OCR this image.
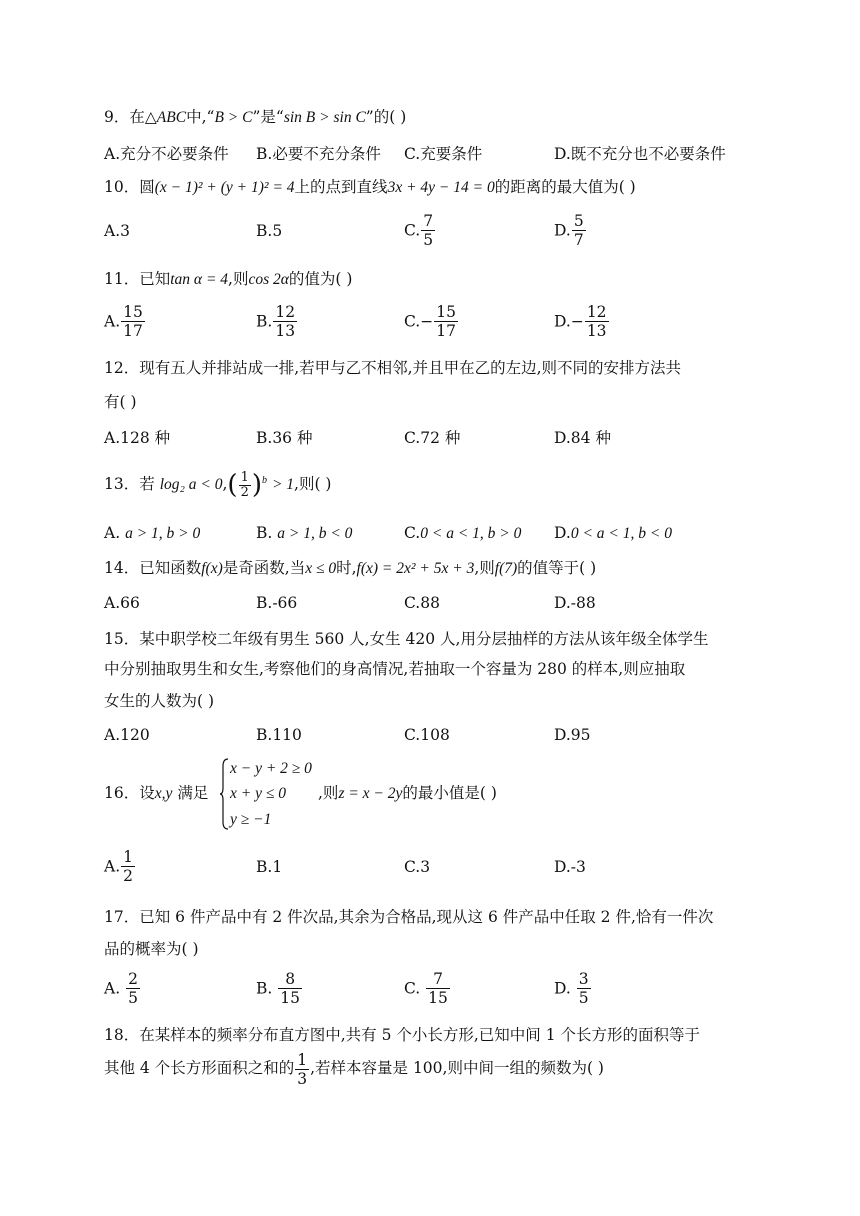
9．在△ABC中,“B > C”是“sin B > sin C”的( )
A.充分不必要条件 B.必要不充分条件 C.充要条件	D.既不充分也不必要条件
10．圆(x − 1)² + (y + 1)² = 4上的点到直线3x + 4y − 14 = 0的距离的最大值为( )
A.3	B.5	C. $\frac{7}{5}$	D. $\frac{5}{7}$
11．已知tan α = 4,则cos 2α的值为( )
A. $\frac{15}{17}$	B. $\frac{12}{13}$	$C.- \frac{15}{17}$	$D.- \frac{12}{13}$
12．现有五人并排站成一排,若甲与乙不相邻,并且甲在乙的左边,则不同的安排方法共
有( )
A.128 种	B.36 种	C.72 种	D.84 种
13．若 log₂ $a < 0,( \frac{1}{2} )^b > 1$,则( )
A. a > 1, b > 0	B. a > 1, b < 0	C.0 < a < 1, b > 0 D.0 < a < 1, b < 0
14．已知函数f(x)是奇函数,当x ≤ 0时,f(x) = 2x² + 5x + 3,则f(7)的值等于( )
A.66	B.-66	C.88	D.-88
15．某中职学校二年级有男生 560 人,女生 420 人,用分层抽样的方法从该年级全体学生
中分别抽取男生和女生,考察他们的身高情况,若抽取一个容量为 280 的样本,则应抽取
女生的人数为( )
A.120	B.110	C.108	D.95
16．设x,y 满足
x − y + 2 ≥ 0
x + y ≤ 0
y ≥ −1
,则z = x − 2y的最小值是( )
A. $\frac{1}{2}$	B.1	C.3	D.-3
17．已知 6 件产品中有 2 件次品,其余为合格品,现从这 6 件产品中任取 2 件,恰有一件次
品的概率为( )
A. $\frac{2}{5}$	B. $\frac{8}{15}$	C. $\frac{7}{15}$	D. $\frac{3}{5}$
18．在某样本的频率分布直方图中,共有 5 个小长方形,已知中间 1 个长方形的面积等于
其他 4 个长方形面积之和的 $\frac{1}{3}$ ,若样本容量是 100,则中间一组的频数为( )
